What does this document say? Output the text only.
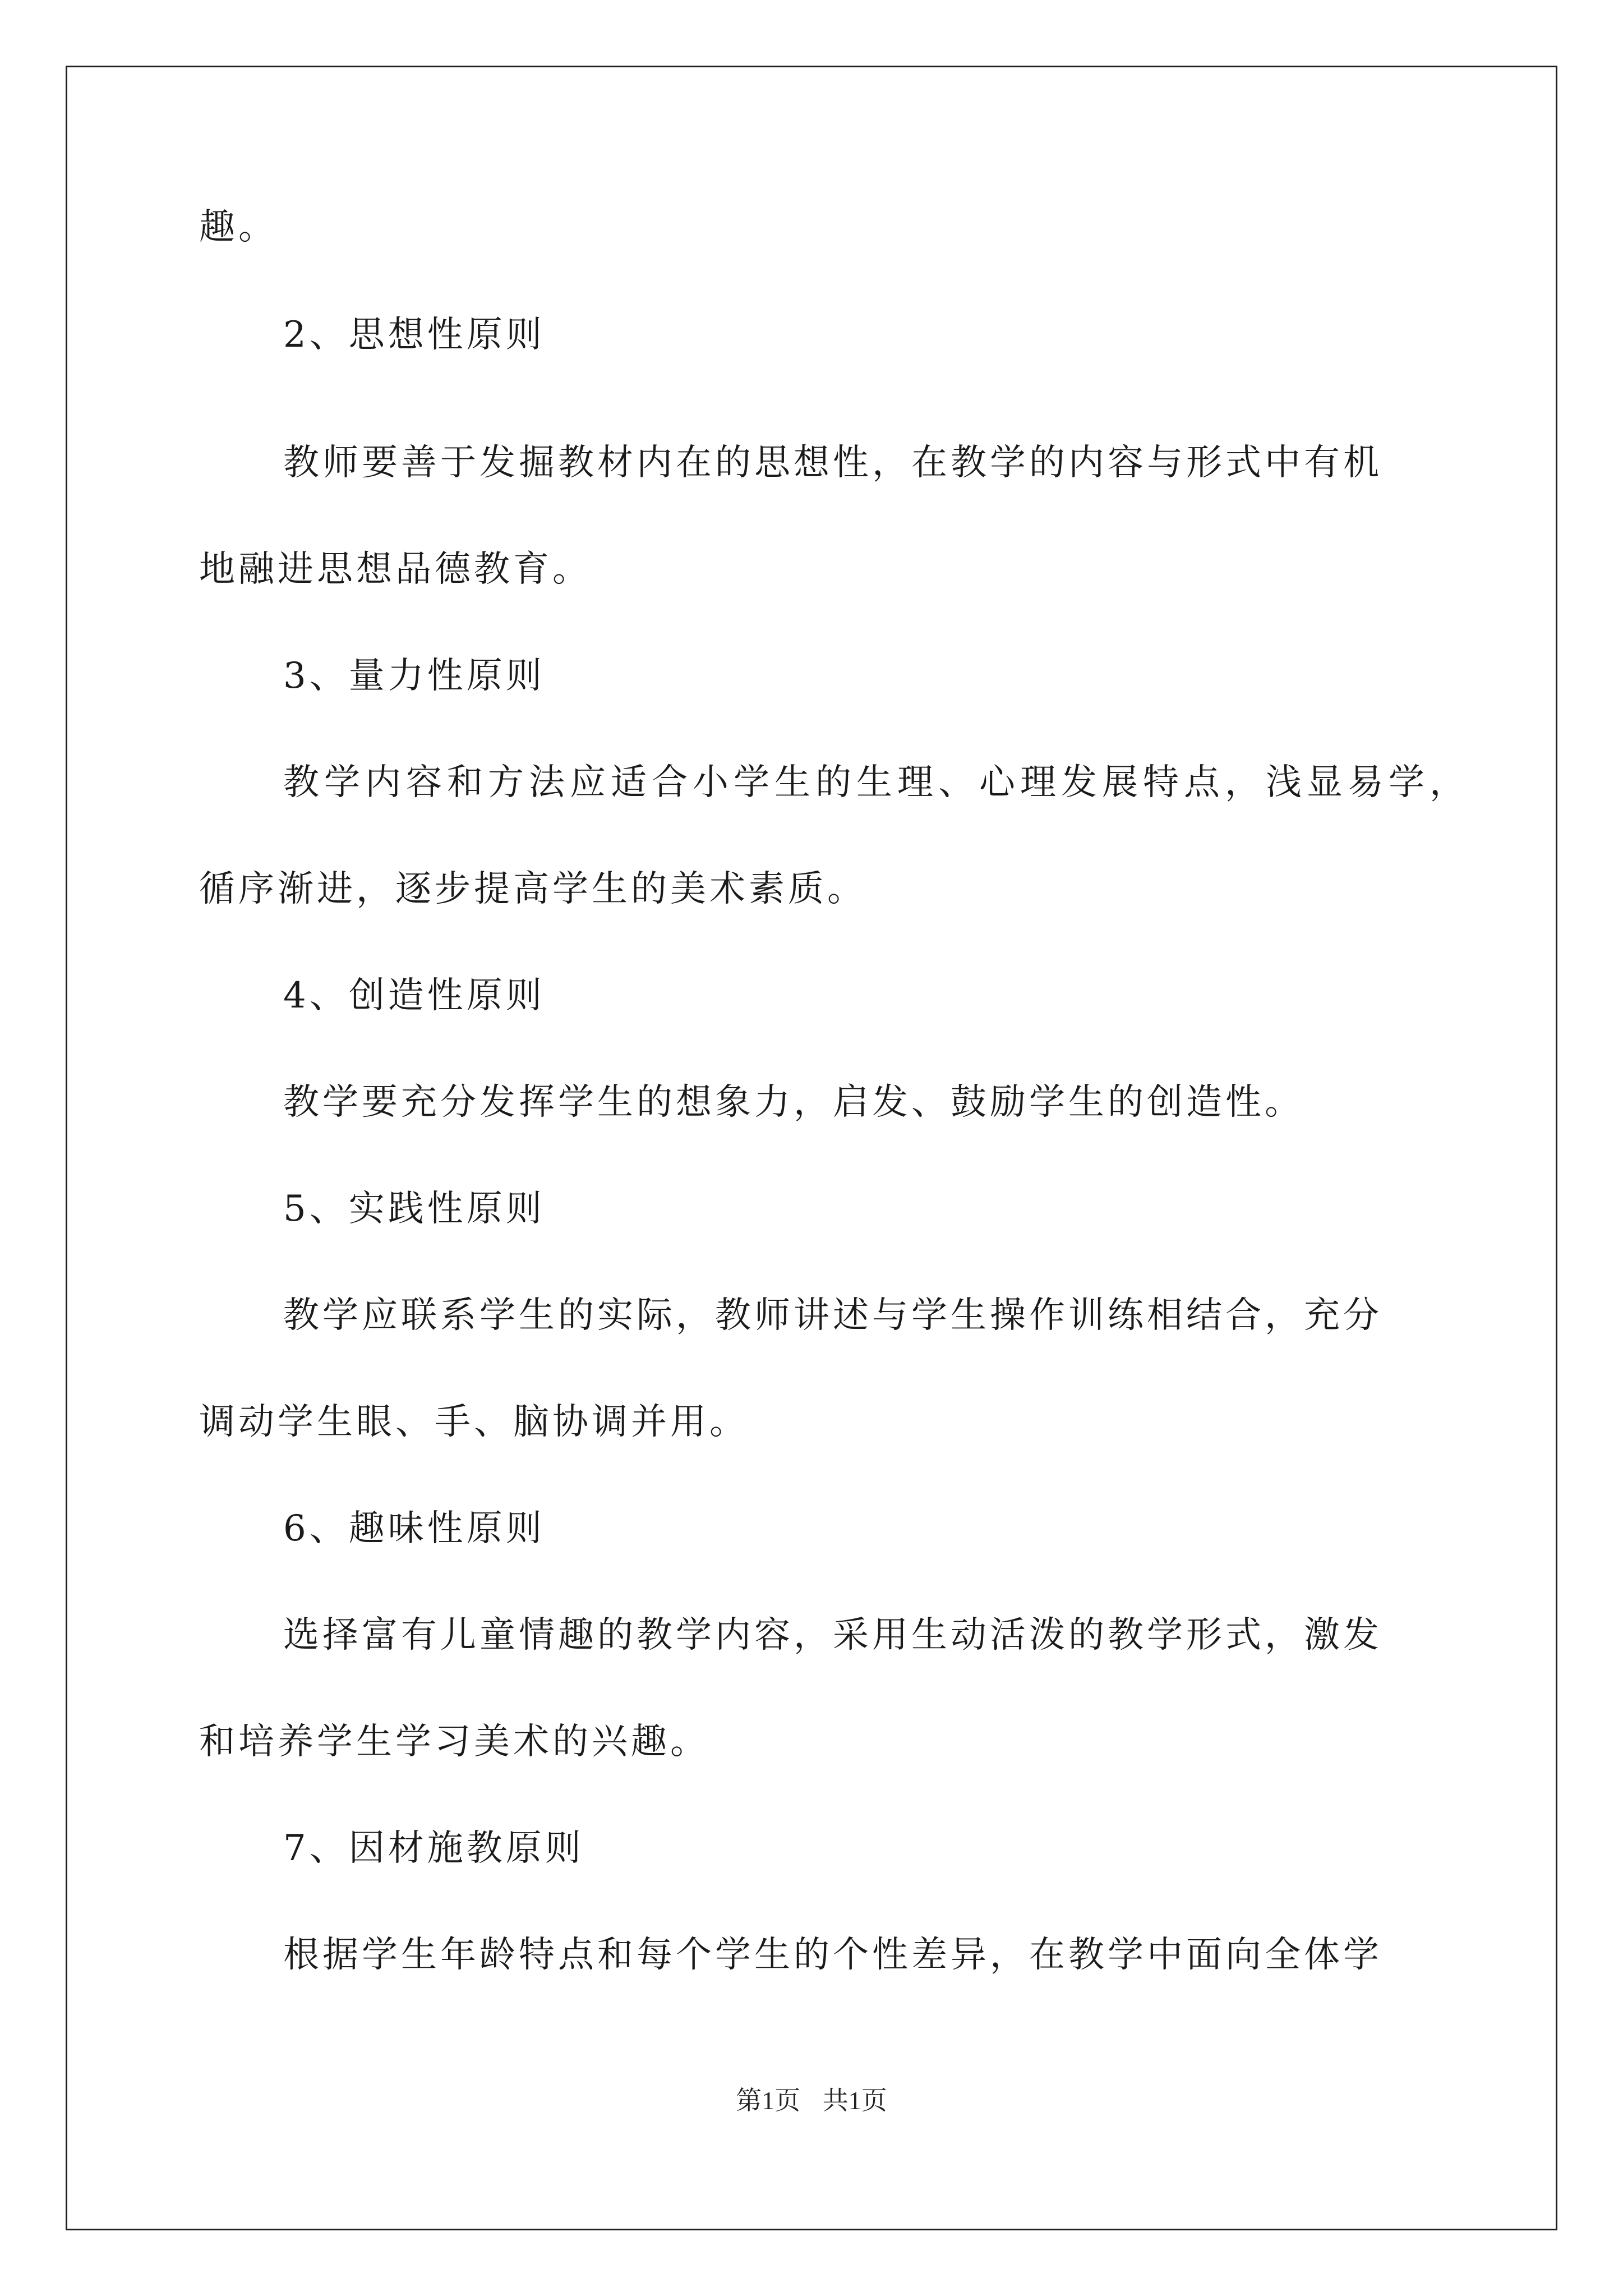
趣。
2、思想性原则
教师要善于发掘教材内在的思想性，在教学的内容与形式中有机
地融进思想品德教育。
3、量力性原则
教学内容和方法应适合小学生的生理、心理发展特点，浅显易学，
循序渐进，逐步提高学生的美术素质。
4、创造性原则
教学要充分发挥学生的想象力，启发、鼓励学生的创造性。
5、实践性原则
教学应联系学生的实际，教师讲述与学生操作训练相结合，充分
调动学生眼、手、脑协调并用。
6、趣味性原则
选择富有儿童情趣的教学内容，采用生动活泼的教学形式，激发
和培养学生学习美术的兴趣。
7、因材施教原则
根据学生年龄特点和每个学生的个性差异，在教学中面向全体学
第1页 共1页
